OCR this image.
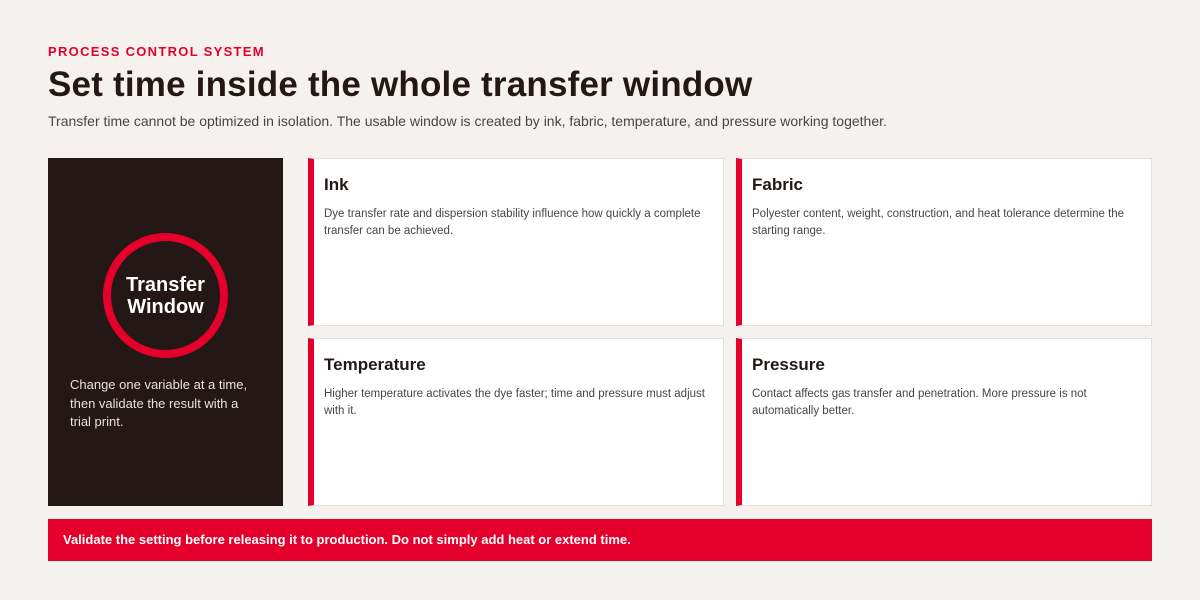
PROCESS CONTROL SYSTEM
Set time inside the whole transfer window
Transfer time cannot be optimized in isolation. The usable window is created by ink, fabric, temperature, and pressure working together.
Transfer
Window
Change one variable at a time, then validate the result with a trial print.
Ink
Dye transfer rate and dispersion stability influence how quickly a complete transfer can be achieved.
Fabric
Polyester content, weight, construction, and heat tolerance determine the starting range.
Temperature
Higher temperature activates the dye faster; time and pressure must adjust with it.
Pressure
Contact affects gas transfer and penetration. More pressure is not automatically better.
Validate the setting before releasing it to production. Do not simply add heat or extend time.
